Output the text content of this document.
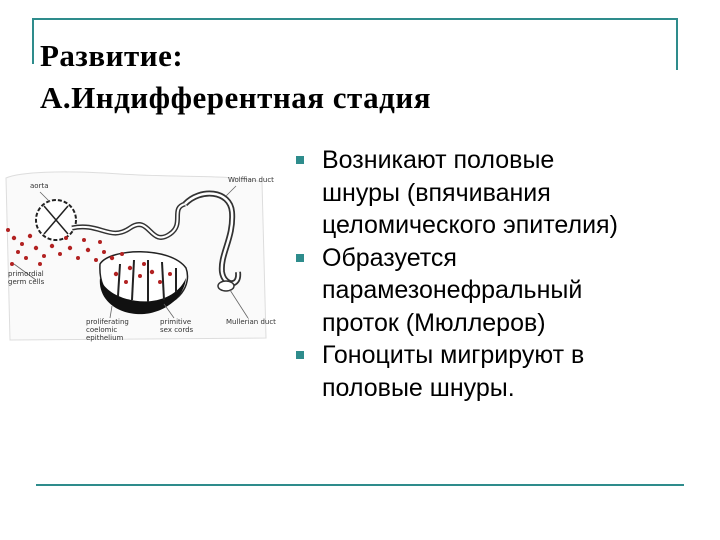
Развитие:
А.Индифферентная стадия
aorta
Wolffian duct
primordial germ cells
proliferating coelomic epithelium
primitive sex cords
Mullerian duct
Возникают половые
шнуры (впячивания
целомического эпителия)
Образуется
парамезонефральный
проток (Мюллеров)
Гоноциты мигрируют в
половые шнуры.
